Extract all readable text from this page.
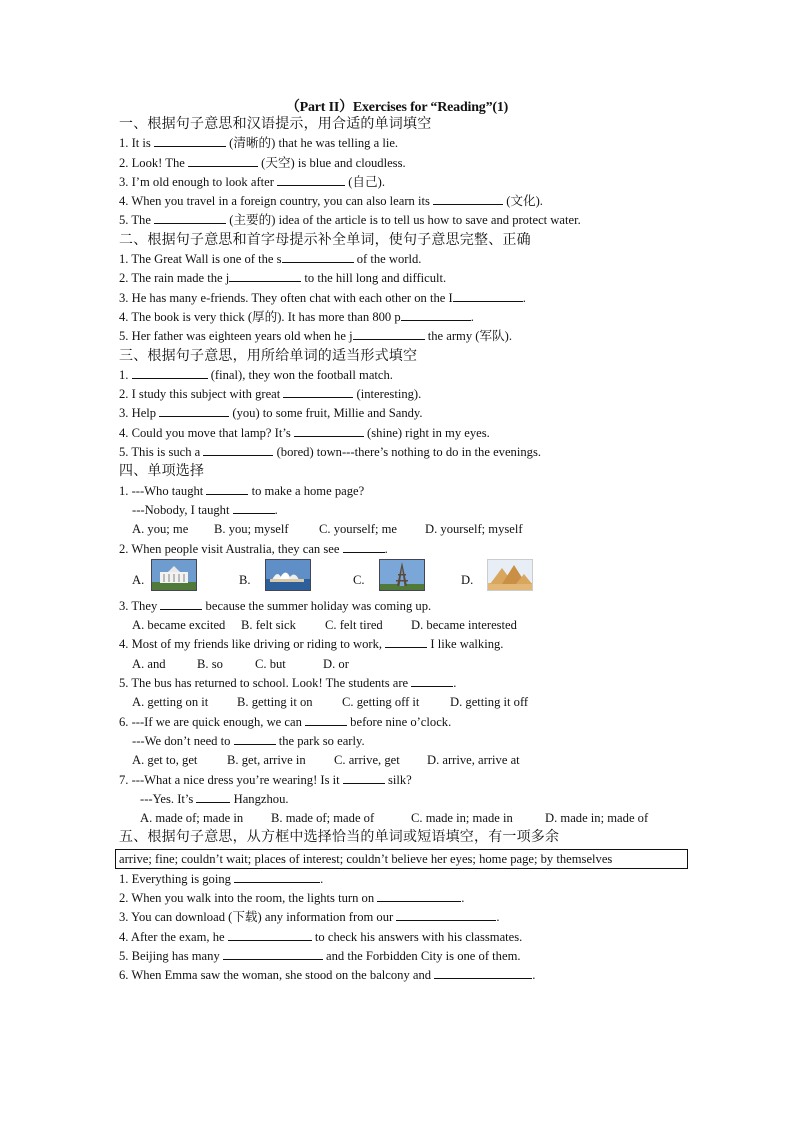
（Part II）Exercises for “Reading”(1)
一、根据句子意思和汉语提示，用合适的单词填空
1. It is	(清晰的) that he was telling a lie.
2. Look! The	(天空) is blue and cloudless.
3. I’m old enough to look after	(自己).
4. When you travel in a foreign country, you can also learn its	(文化).
5. The	(主要的) idea of the article is to tell us how to save and protect water.
二、根据句子意思和首字母提示补全单词，使句子意思完整、正确
1. The Great Wall is one of the s	of the world.
2. The rain made the j	to the hill long and difficult.
3. He has many e-friends. They often chat with each other on the I	.
4. The book is very thick (厚的). It has more than 800 p	.
5. Her father was eighteen years old when he j	the army (军队).
三、根据句子意思，用所给单词的适当形式填空
1.	(final), they won the football match.
2. I study this subject with great	(interesting).
3. Help	(you) to some fruit, Millie and Sandy.
4. Could you move that lamp? It’s	(shine) right in my eyes.
5. This is such a	(bored) town---there’s nothing to do in the evenings.
四、单项选择
1. ---Who taught	to make a home page?
---Nobody, I taught	.
A. you; me B. you; myself C. yourself; me D. yourself; myself
2. When people visit Australia, they can see	.
A.	B.	C.	D.
3. They	because the summer holiday was coming up.
A. became excited B. felt sick C. felt tired D. became interested
4. Most of my friends like driving or riding to work,	I like walking.
A. and B. so	C. but	D. or
5. The bus has returned to school. Look! The students are	.
A. getting on it B. getting it on C. getting off it D. getting it off
6. ---If we are quick enough, we can	before nine o’clock.
---We don’t need to	the park so early.
A. get to, get B. get, arrive in C. arrive, get D. arrive, arrive at
7. ---What a nice dress you’re wearing! Is it	silk?
---Yes. It’s	Hangzhou.
A. made of; made in B. made of; made of	C. made in; made in	D. made in; made of
五、根据句子意思，从方框中选择恰当的单词或短语填空，有一项多余
arrive; fine; couldn’t wait; places of interest; couldn’t believe her eyes; home page; by themselves
1. Everything is going	.
2. When you walk into the room, the lights turn on	.
3. You can download (下载) any information from our	.
4. After the exam, he	to check his answers with his classmates.
5. Beijing has many	and the Forbidden City is one of them.
6. When Emma saw the woman, she stood on the balcony and	.
